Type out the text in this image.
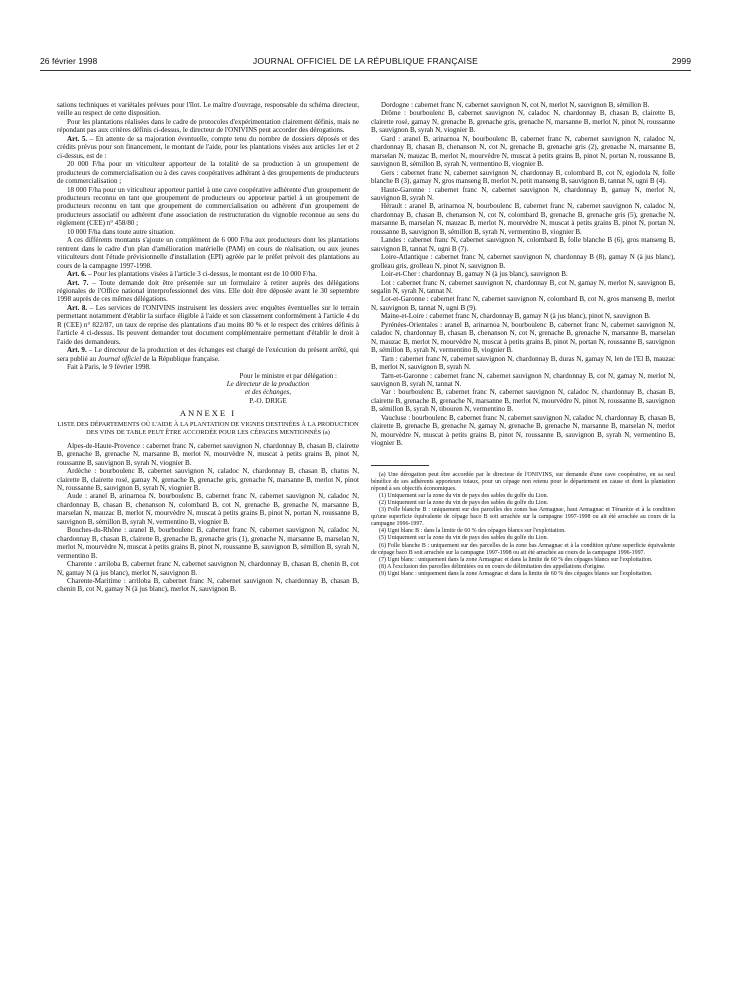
26 février 1998	JOURNAL OFFICIEL DE LA RÉPUBLIQUE FRANÇAISE	2999

sations techniques et variétales prévues pour l'îlot. Le maître d'ouvrage, responsable du schéma directeur, veille au respect de cette disposition.

Pour les plantations réalisées dans le cadre de protocoles d'expérimentation clairement définis, mais ne répondant pas aux critères définis ci-dessus, le directeur de l'ONIVINS peut accorder des dérogations.

Art. 5. – En attente de sa majoration éventuelle, compte tenu du nombre de dossiers déposés et des crédits prévus pour son financement, le montant de l'aide, pour les plantations visées aux articles 1er et 2 ci-dessus, est de :

20 000 F/ha pour un viticulteur apporteur de la totalité de sa production à un groupement de producteurs de commercialisation ou à des caves coopératives adhérant à des groupements de producteurs de commercialisation ;

18 000 F/ha pour un viticulteur apporteur partiel à une cave coopérative adhérente d'un groupement de producteurs reconnu en tant que groupement de producteurs ou apporteur partiel à un groupement de producteurs reconnu en tant que groupement de commercialisation ou adhérent d'un groupement de producteurs associatif ou adhérent d'une association de restructuration du vignoble reconnue au sens du règlement (CEE) n° 458/80 ;

10 000 F/ha dans toute autre situation.

A ces différents montants s'ajoute un complément de 6 000 F/ha aux producteurs dont les plantations rentrent dans le cadre d'un plan d'amélioration matérielle (PAM) en cours de réalisation, ou aux jeunes viticulteurs dont l'étude prévisionnelle d'installation (EPI) agréée par le préfet prévoit des plantations au cours de la campagne 1997-1998.

Art. 6. – Pour les plantations visées à l'article 3 ci-dessus, le montant est de 10 000 F/ha.

Art. 7. – Toute demande doit être présentée sur un formulaire à retirer auprès des délégations régionales de l'Office national interprofessionnel des vins. Elle doit être déposée avant le 30 septembre 1998 auprès de ces mêmes délégations.

Art. 8. – Les services de l'ONIVINS instruisent les dossiers avec enquêtes éventuelles sur le terrain permettant notamment d'établir la surface éligible à l'aide et son classement conformément à l'article 4 du R (CEE) n° 822/87, un taux de reprise des plantations d'au moins 80 % et le respect des critères définis à l'article 4 ci-dessus. Ils peuvent demander tout document complémentaire permettant d'établir le droit à l'aide des demandeurs.

Art. 9. – Le directeur de la production et des échanges est chargé de l'exécution du présent arrêté, qui sera publié au Journal officiel de la République française.

Fait à Paris, le 9 février 1998.

Pour le ministre et par délégation :

Le directeur de la production

et des échanges,

P.-O. DRIGE

ANNEXE I

LISTE DES DÉPARTEMENTS OÙ L'AIDE À LA PLANTATION DE VIGNES DESTINÉES À LA PRODUCTION DES VINS DE TABLE PEUT ÊTRE ACCORDÉE POUR LES CÉPAGES MENTIONNÉS (a)

Alpes-de-Haute-Provence : cabernet franc N, cabernet sauvignon N, chardonnay B, chasan B, clairette B, grenache B, grenache N, marsanne B, merlot N, mourvèdre N, muscat à petits grains B, pinot N, roussanne B, sauvignon B, syrah N, viognier B.

Ardèche : bourboulenc B, cabernet sauvignon N, caladoc N, chardonnay B, chasan B, chatus N, clairette B, clairette rosé, gamay N, grenache B, grenache gris, grenache N, marsanne B, merlot N, pinot N, roussanne B, sauvignon B, syrah N, viognier B.

Aude : aranel B, arinarnoa N, bourboulenc B, cabernet franc N, cabernet sauvignon N, caladoc N, chardonnay B, chasan B, chenanson N, colombard B, cot N, grenache B, grenache N, marsanne B, marselan N, mauzac B, merlot N, mourvèdre N, muscat à petits grains B, pinot N, portan N, roussanne B, sauvignon B, sémillon B, syrah N, vermentino B, viognier B.

Bouches-du-Rhône : aranel B, bourboulenc B, cabernet franc N, cabernet sauvignon N, caladoc N, chardonnay B, chasan B, clairette B, grenache B, grenache gris (1), grenache N, marsanne B, marselan N, merlot N, mourvèdre N, muscat à petits grains B, pinot N, roussanne B, sauvignon B, sémillon B, syrah N, vermentino B.

Charente : arriloba B, cabernet franc N, cabernet sauvignon N, chardonnay B, chasan B, chenin B, cot N, gamay N (à jus blanc), merlot N, sauvignon B.

Charente-Maritime : arriloba B, cabernet franc N, cabernet sauvignon N, chardonnay B, chasan B, chenin B, cot N, gamay N (à jus blanc), merlot N, sauvignon B.

Dordogne : cabernet franc N, cabernet sauvignon N, cot N, merlot N, sauvignon B, sémillon B.

Drôme : bourboulenc B, cabernet sauvignon N, caladoc N, chardonnay B, chasan B, clairette B, clairette rosé, gamay N, grenache B, grenache gris, grenache N, marsanne B, merlot N, pinot N, roussanne B, sauvignon B, syrah N, viognier B.

Gard : aranel B, arinarnoa N, bourboulenc B, cabernet franc N, cabernet sauvignon N, caladoc N, chardonnay B, chasan B, chenanson N, cot N, grenache B, grenache gris (2), grenache N, marsanne B, marselan N, mauzac B, merlot N, mourvèdre N, muscat à petits grains B, pinot N, portan N, roussanne B, sauvignon B, sémillon B, syrah N, vermentino B, viognier B.

Gers : cabernet franc N, cabernet sauvignon N, chardonnay B, colombard B, cot N, egiodola N, folle blanche B (3), gamay N, gros manseng B, merlot N, petit manseng B, sauvignon B, tannat N, ugni B (4).

Haute-Garonne : cabernet franc N, cabernet sauvignon N, chardonnay B, gamay N, merlot N, sauvignon B, syrah N.

Hérault : aranel B, arinarnoa N, bourboulenc B, cabernet franc N, cabernet sauvignon N, caladoc N, chardonnay B, chasan B, chenanson N, cot N, colombard B, grenache B, grenache gris (5), grenache N, marsanne B, marselan N, mauzac B, merlot N, mourvèdre N, muscat à petits grains B, pinot N, portan N, roussanne B, sauvignon B, sémillon B, syrah N, vermentino B, viognier B.

Landes : cabernet franc N, cabernet sauvignon N, colombard B, folle blanche B (6), gros manseng B, sauvignon B, tannat N, ugni B (7).

Loire-Atlantique : cabernet franc N, cabernet sauvignon N, chardonnay B (8), gamay N (à jus blanc), grolleau gris, grolleau N, pinot N, sauvignon B.

Loir-et-Cher : chardonnay B, gamay N (à jus blanc), sauvignon B.

Lot : cabernet franc N, cabernet sauvignon N, chardonnay B, cot N, gamay N, merlot N, sauvignon B, segalin N, syrah N, tannat N.

Lot-et-Garonne : cabernet franc N, cabernet sauvignon N, colombard B, cot N, gros manseng B, merlot N, sauvignon B, tannat N, ugni B (9).

Maine-et-Loire : cabernet franc N, chardonnay B, gamay N (à jus blanc), pinot N, sauvignon B.

Pyrénées-Orientales : aranel B, arinarnoa N, bourboulenc B, cabernet franc N, cabernet sauvignon N, caladoc N, chardonnay B, chasan B, chenanson N, cot N, grenache B, grenache N, marsanne B, marselan N, mauzac B, merlot N, mourvèdre N, muscat à petits grains B, pinot N, portan N, roussanne B, sauvignon B, sémillon B, syrah N, vermentino B, viognier B.

Tarn : cabernet franc N, cabernet sauvignon N, chardonnay B, duras N, gamay N, len de l'El B, mauzac B, merlot N, sauvignon B, syrah N.

Tarn-et-Garonne : cabernet franc N, cabernet sauvignon N, chardonnay B, cot N, gamay N, merlot N, sauvignon B, syrah N, tannat N.

Var : bourboulenc B, cabernet franc N, cabernet sauvignon N, caladoc N, chardonnay B, chasan B, clairette B, grenache B, grenache N, marsanne B, merlot N, mourvèdre N, pinot N, roussanne B, sauvignon B, sémillon B, syrah N, tibouren N, vermentino B.

Vaucluse : bourboulenc B, cabernet franc N, cabernet sauvignon N, caladoc N, chardonnay B, chasan B, clairette B, grenache B, grenache N, gamay N, grenache B, grenache N, marsanne B, marselan N, merlot N, mourvèdre N, muscat à petits grains B, pinot N, roussanne B, sauvignon B, syrah N, vermentino B, viognier B.

(a) Une dérogation peut être accordée par le directeur de l'ONIVINS, sur demande d'une cave coopérative, en sa seul bénéfice de ses adhérents apporteurs totaux, pour un cépage non retenu pour le département en cause et dont la plantation répond à ses objectifs économiques.

(1) Uniquement sur la zone du vin de pays des sables du golfe du Lion.

(2) Uniquement sur la zone du vin de pays des sables du golfe du Lion.

(3) Folle blanche B : uniquement sur des parcelles des zones bas Armagnac, haut Armagnac et Ténarèze et à la condition qu'une superficie équivalente de cépage baco B soit arrachée sur la campagne 1997-1998 ou ait été arrachée au cours de la campagne 1996-1997.

(4) Ugni blanc B : dans la limite de 60 % des cépages blancs sur l'exploitation.

(5) Uniquement sur la zone du vin de pays des sables du golfe du Lion.

(6) Folle blanche B : uniquement sur des parcelles de la zone bas Armagnac et à la condition qu'une superficie équivalente de cépage baco B soit arrachée sur la campagne 1997-1998 ou ait été arrachée au cours de la campagne 1996-1997.

(7) Ugni blanc : uniquement dans la zone Armagnac et dans la limite de 60 % des cépages blancs sur l'exploitation.

(8) A l'exclusion des parcelles délimitées ou en cours de délimitation des appellations d'origine.

(9) Ugni blanc : uniquement dans la zone Armagnac et dans la limite de 60 % des cépages blancs sur l'exploitation.
